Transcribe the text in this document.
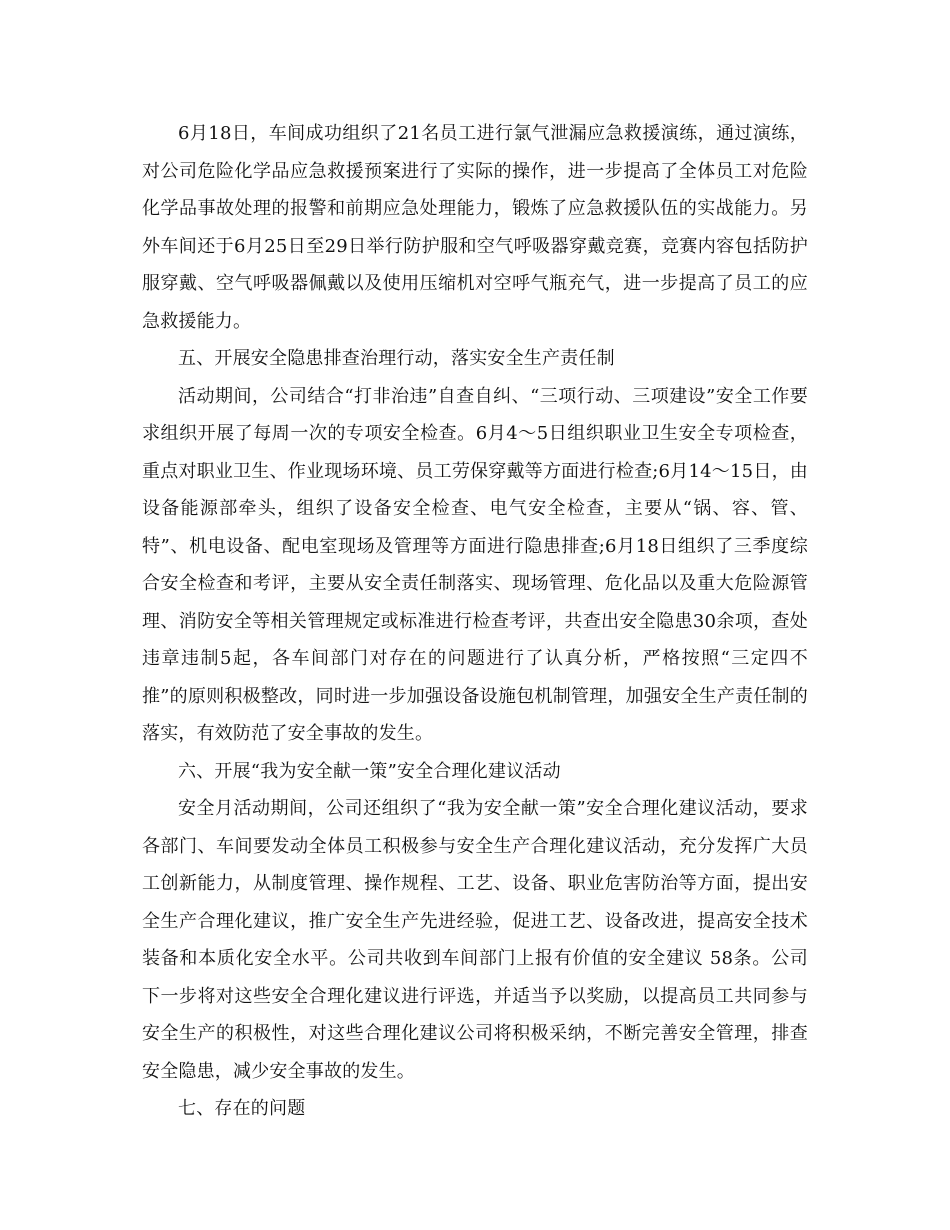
6月18日，车间成功组织了21名员工进行氯气泄漏应急救援演练，通过演练，对公司危险化学品应急救援预案进行了实际的操作，进一步提高了全体员工对危险化学品事故处理的报警和前期应急处理能力，锻炼了应急救援队伍的实战能力。另外车间还于6月25日至29日举行防护服和空气呼吸器穿戴竞赛，竞赛内容包括防护服穿戴、空气呼吸器佩戴以及使用压缩机对空呼气瓶充气，进一步提高了员工的应急救援能力。

五、开展安全隐患排查治理行动，落实安全生产责任制

活动期间，公司结合“打非治违”自查自纠、“三项行动、三项建设”安全工作要求组织开展了每周一次的专项安全检查。6月4～5日组织职业卫生安全专项检查，重点对职业卫生、作业现场环境、员工劳保穿戴等方面进行检查;6月14～15日，由设备能源部牵头，组织了设备安全检查、电气安全检查，主要从“锅、容、管、特”、机电设备、配电室现场及管理等方面进行隐患排查;6月18日组织了三季度综合安全检查和考评，主要从安全责任制落实、现场管理、危化品以及重大危险源管理、消防安全等相关管理规定或标准进行检查考评，共查出安全隐患30余项，查处违章违制5起，各车间部门对存在的问题进行了认真分析，严格按照“三定四不推”的原则积极整改，同时进一步加强设备设施包机制管理，加强安全生产责任制的落实，有效防范了安全事故的发生。

六、开展“我为安全献一策”安全合理化建议活动

安全月活动期间，公司还组织了“我为安全献一策”安全合理化建议活动，要求各部门、车间要发动全体员工积极参与安全生产合理化建议活动，充分发挥广大员工创新能力，从制度管理、操作规程、工艺、设备、职业危害防治等方面，提出安全生产合理化建议，推广安全生产先进经验，促进工艺、设备改进，提高安全技术装备和本质化安全水平。公司共收到车间部门上报有价值的安全建议 58条。公司下一步将对这些安全合理化建议进行评选，并适当予以奖励，以提高员工共同参与安全生产的积极性，对这些合理化建议公司将积极采纳，不断完善安全管理，排查安全隐患，减少安全事故的发生。

七、存在的问题
